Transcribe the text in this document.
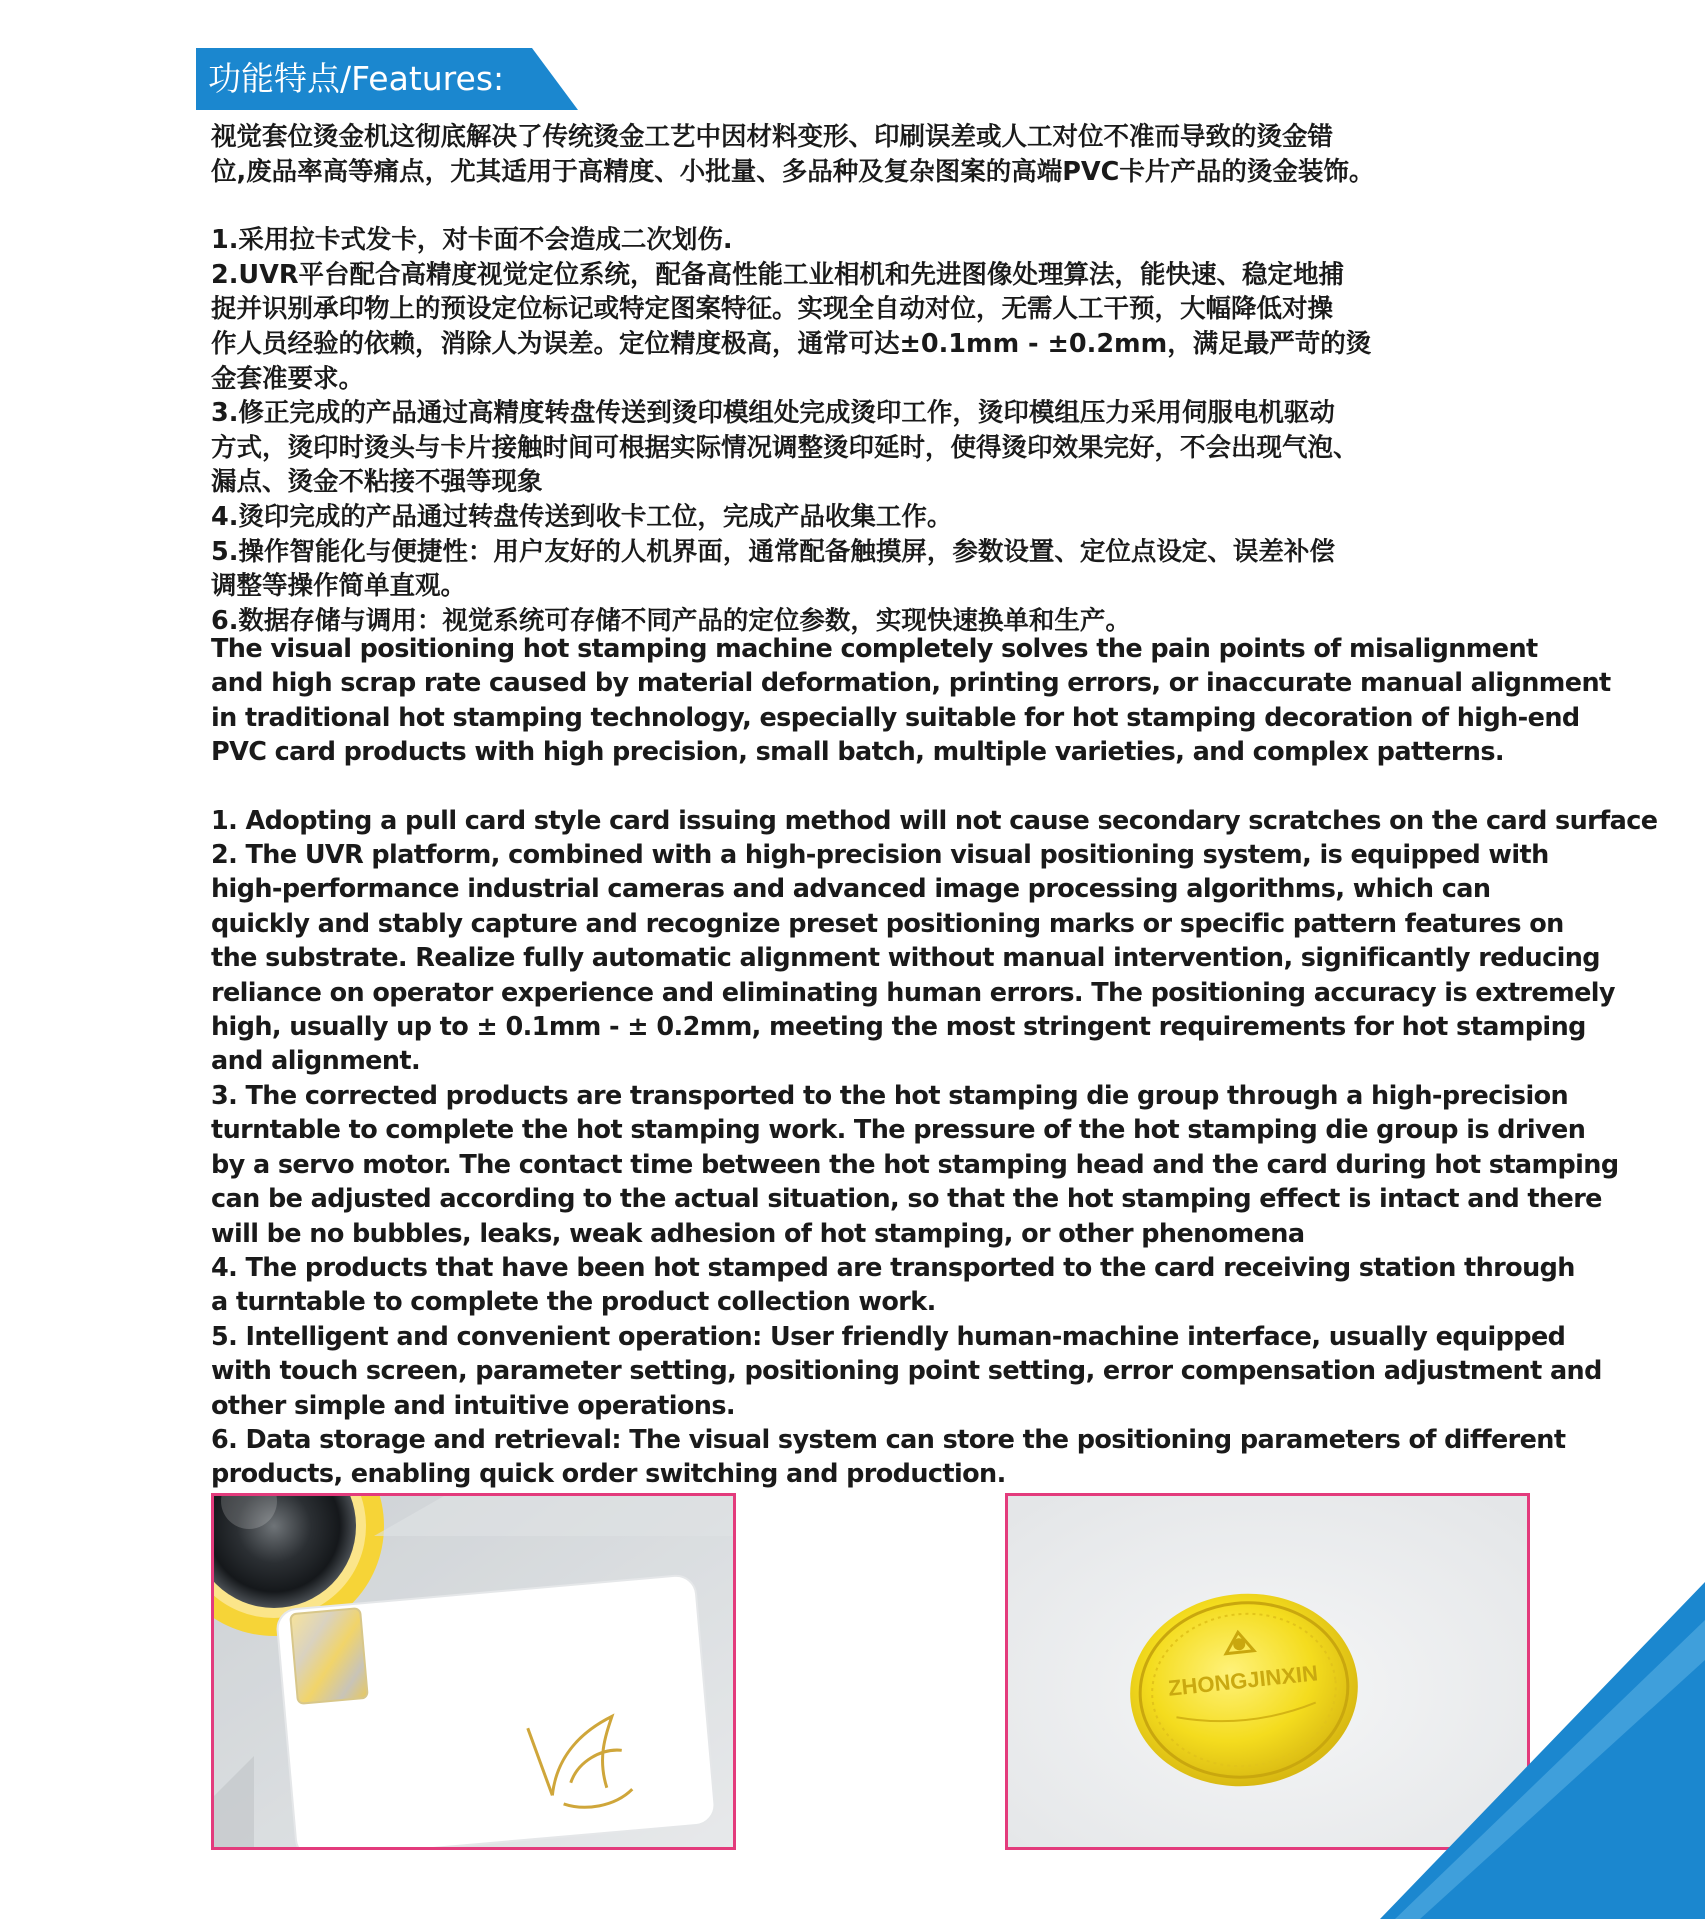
功能特点/Features:

视觉套位烫金机这彻底解决了传统烫金工艺中因材料变形、印刷误差或人工对位不准而导致的烫金错

位,废品率高等痛点，尤其适用于高精度、小批量、多品种及复杂图案的高端PVC卡片产品的烫金装饰。

1.采用拉卡式发卡，对卡面不会造成二次划伤.

2.UVR平台配合高精度视觉定位系统，配备高性能工业相机和先进图像处理算法，能快速、稳定地捕

捉并识别承印物上的预设定位标记或特定图案特征。实现全自动对位，无需人工干预，大幅降低对操

作人员经验的依赖，消除人为误差。定位精度极高，通常可达±0.1mm - ±0.2mm，满足最严苛的烫

金套准要求。

3.修正完成的产品通过高精度转盘传送到烫印模组处完成烫印工作，烫印模组压力采用伺服电机驱动

方式，烫印时烫头与卡片接触时间可根据实际情况调整烫印延时，使得烫印效果完好，不会出现气泡、

漏点、烫金不粘接不强等现象

4.烫印完成的产品通过转盘传送到收卡工位，完成产品收集工作。

5.操作智能化与便捷性：用户友好的人机界面，通常配备触摸屏，参数设置、定位点设定、误差补偿

调整等操作简单直观。

6.数据存储与调用：视觉系统可存储不同产品的定位参数，实现快速换单和生产。

The visual positioning hot stamping machine completely solves the pain points of misalignment

and high scrap rate caused by material deformation, printing errors, or inaccurate manual alignment

in traditional hot stamping technology, especially suitable for hot stamping decoration of high-end

PVC card products with high precision, small batch, multiple varieties, and complex patterns.

1. Adopting a pull card style card issuing method will not cause secondary scratches on the card surface

2. The UVR platform, combined with a high-precision visual positioning system, is equipped with

high-performance industrial cameras and advanced image processing algorithms, which can

quickly and stably capture and recognize preset positioning marks or specific pattern features on

the substrate. Realize fully automatic alignment without manual intervention, significantly reducing

reliance on operator experience and eliminating human errors. The positioning accuracy is extremely

high, usually up to ± 0.1mm - ± 0.2mm, meeting the most stringent requirements for hot stamping

and alignment.

3. The corrected products are transported to the hot stamping die group through a high-precision

turntable to complete the hot stamping work. The pressure of the hot stamping die group is driven

by a servo motor. The contact time between the hot stamping head and the card during hot stamping

can be adjusted according to the actual situation, so that the hot stamping effect is intact and there

will be no bubbles, leaks, weak adhesion of hot stamping, or other phenomena

4. The products that have been hot stamped are transported to the card receiving station through

a turntable to complete the product collection work.

5. Intelligent and convenient operation: User friendly human-machine interface, usually equipped

with touch screen, parameter setting, positioning point setting, error compensation adjustment and

other simple and intuitive operations.

6. Data storage and retrieval: The visual system can store the positioning parameters of different

products, enabling quick order switching and production.

ZHONGJINXIN
